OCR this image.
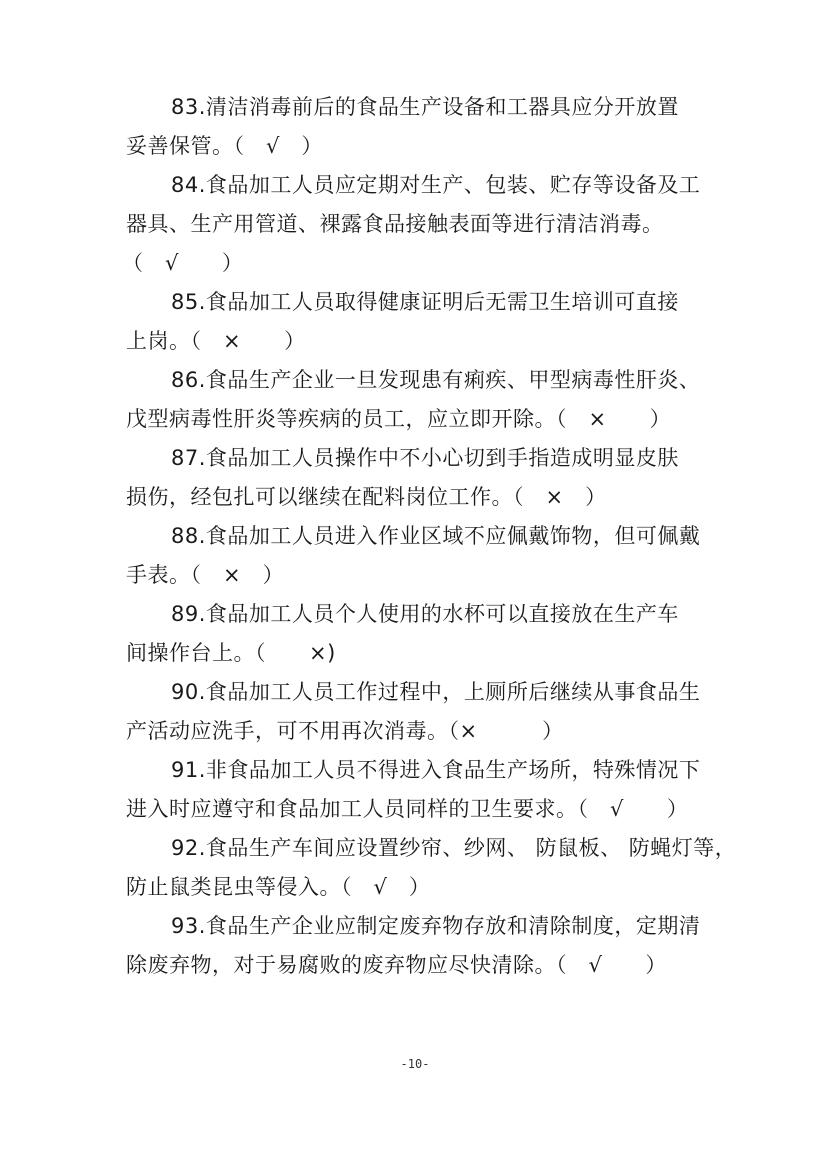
83.清洁消毒前后的食品生产设备和工器具应分开放置
妥善保管。（　√　）
84.食品加工人员应定期对生产、包装、贮存等设备及工
器具、生产用管道、裸露食品接触表面等进行清洁消毒。
（　√　　）
85.食品加工人员取得健康证明后无需卫生培训可直接
上岗。（　×　　）
86.食品生产企业一旦发现患有痢疾、甲型病毒性肝炎、
戊型病毒性肝炎等疾病的员工，应立即开除。（　×　　）
87.食品加工人员操作中不小心切到手指造成明显皮肤
损伤，经包扎可以继续在配料岗位工作。（　×　）
88.食品加工人员进入作业区域不应佩戴饰物，但可佩戴
手表。（　×　）
89.食品加工人员个人使用的水杯可以直接放在生产车
间操作台上。（　　×)
90.食品加工人员工作过程中，上厕所后继续从事食品生
产活动应洗手，可不用再次消毒。（×　　　）
91.非食品加工人员不得进入食品生产场所，特殊情况下
进入时应遵守和食品加工人员同样的卫生要求。（　√　　）
92.食品生产车间应设置纱帘、纱网、 防鼠板、 防蝇灯等，
防止鼠类昆虫等侵入。（　√　）
93.食品生产企业应制定废弃物存放和清除制度，定期清
除废弃物，对于易腐败的废弃物应尽快清除。（　√　　）
-10-
